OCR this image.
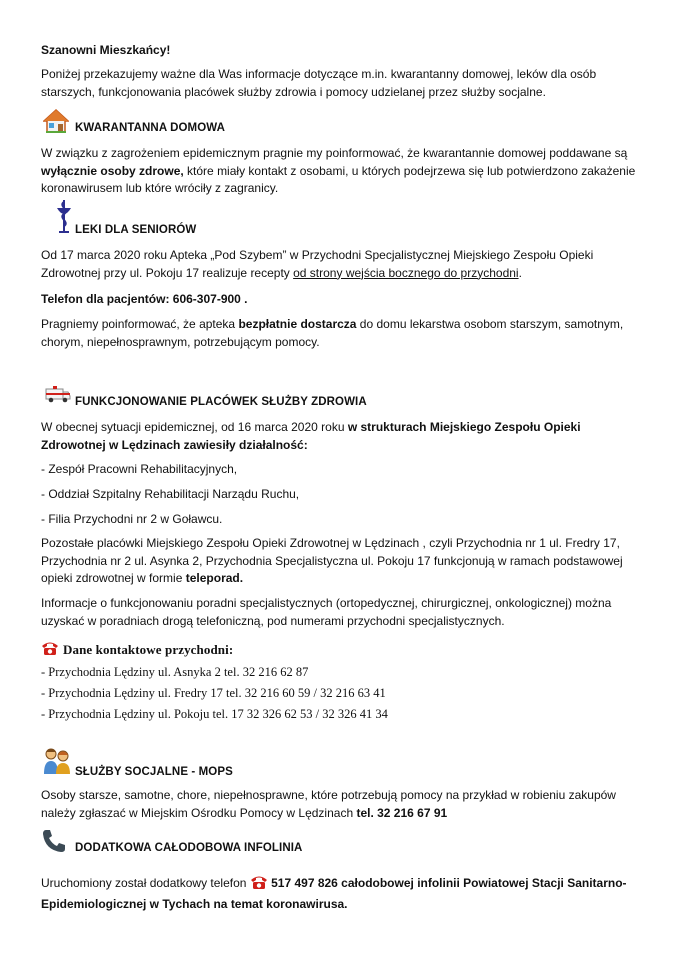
Szanowni Mieszkańcy!
Poniżej przekazujemy ważne dla Was informacje dotyczące m.in. kwarantanny domowej, leków dla osób starszych, funkcjonowania placówek służby zdrowia i pomocy udzielanej przez służby socjalne.
KWARANTANNA DOMOWA
W związku z zagrożeniem epidemicznym pragnie my poinformować, że kwarantannie domowej poddawane są wyłącznie osoby zdrowe, które miały kontakt z osobami, u których podejrzewa się lub potwierdzono zakażenie koronawirusem lub które wróciły z zagranicy.
LEKI DLA SENIORÓW
Od 17 marca 2020 roku Apteka „Pod Szybem” w Przychodni Specjalistycznej Miejskiego Zespołu Opieki Zdrowotnej przy ul. Pokoju 17 realizuje recepty od strony wejścia bocznego do przychodni.
Telefon dla pacjentów: 606-307-900 .
Pragniemy poinformować, że apteka bezpłatnie dostarcza do domu lekarstwa osobom starszym, samotnym, chorym, niepełnosprawnym, potrzebującym pomocy.
FUNKCJONOWANIE PLACÓWEK SŁUŻBY ZDROWIA
W obecnej sytuacji epidemicznej, od 16 marca 2020 roku w strukturach Miejskiego Zespołu Opieki Zdrowotnej w Lędzinach zawiesiły działalność:
- Zespół Pracowni Rehabilitacyjnych,
- Oddział Szpitalny Rehabilitacji Narządu Ruchu,
- Filia Przychodni nr 2 w Goławcu.
Pozostałe placówki Miejskiego Zespołu Opieki Zdrowotnej w Lędzinach , czyli Przychodnia nr 1 ul. Fredry 17, Przychodnia nr 2 ul. Asynka 2, Przychodnia Specjalistyczna ul. Pokoju 17 funkcjonują w ramach podstawowej opieki zdrowotnej w formie teleporad.
Informacje o funkcjonowaniu poradni specjalistycznych (ortopedycznej, chirurgicznej, onkologicznej) można uzyskać w poradniach drogą telefoniczną, pod numerami przychodni specjalistycznych.
Dane kontaktowe przychodni:
- Przychodnia Lędziny ul. Asnyka 2 tel. 32 216 62 87
- Przychodnia Lędziny ul. Fredry 17 tel. 32 216 60 59 / 32 216 63 41
- Przychodnia Lędziny ul. Pokoju tel. 17 32 326 62 53 / 32 326 41 34
SŁUŻBY SOCJALNE - MOPS
Osoby starsze, samotne, chore, niepełnosprawne, które potrzebują pomocy na przykład w robieniu zakupów należy zgłaszać w Miejskim Ośrodku Pomocy w Lędzinach tel. 32 216 67 91
DODATKOWA CAŁODOBOWA INFOLINIA
Uruchomiony został dodatkowy telefon  517 497 826 całodobowej infolinii Powiatowej Stacji Sanitarno-Epidemiologicznej w Tychach na temat koronawirusa.
